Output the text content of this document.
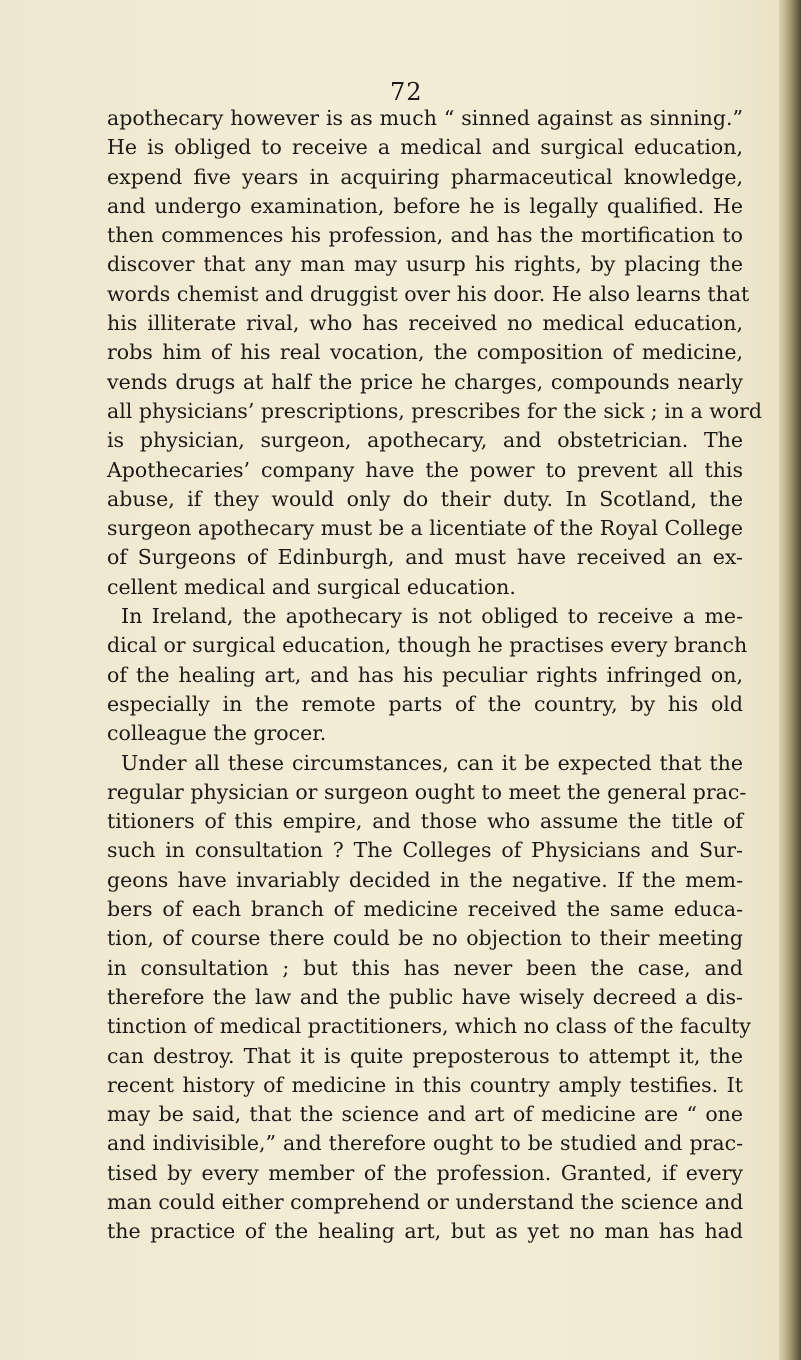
72
apothecary however is as much “ sinned against as sinning.”
He is obliged to receive a medical and surgical education,
expend five years in acquiring pharmaceutical knowledge,
and undergo examination, before he is legally qualified. He
then commences his profession, and has the mortification to
discover that any man may usurp his rights, by placing the
words chemist and druggist over his door. He also learns that
his illiterate rival, who has received no medical education,
robs him of his real vocation, the composition of medicine,
vends drugs at half the price he charges, compounds nearly
all physicians’ prescriptions, prescribes for the sick ; in a word
is physician, surgeon, apothecary, and obstetrician. The
Apothecaries’ company have the power to prevent all this
abuse, if they would only do their duty. In Scotland, the
surgeon apothecary must be a licentiate of the Royal College
of Surgeons of Edinburgh, and must have received an ex-
cellent medical and surgical education.
In Ireland, the apothecary is not obliged to receive a me-
dical or surgical education, though he practises every branch
of the healing art, and has his peculiar rights infringed on,
especially in the remote parts of the country, by his old
colleague the grocer.
Under all these circumstances, can it be expected that the
regular physician or surgeon ought to meet the general prac-
titioners of this empire, and those who assume the title of
such in consultation ? The Colleges of Physicians and Sur-
geons have invariably decided in the negative. If the mem-
bers of each branch of medicine received the same educa-
tion, of course there could be no objection to their meeting
in consultation ; but this has never been the case, and
therefore the law and the public have wisely decreed a dis-
tinction of medical practitioners, which no class of the faculty
can destroy. That it is quite preposterous to attempt it, the
recent history of medicine in this country amply testifies. It
may be said, that the science and art of medicine are “ one
and indivisible,” and therefore ought to be studied and prac-
tised by every member of the profession. Granted, if every
man could either comprehend or understand the science and
the practice of the healing art, but as yet no man has had
